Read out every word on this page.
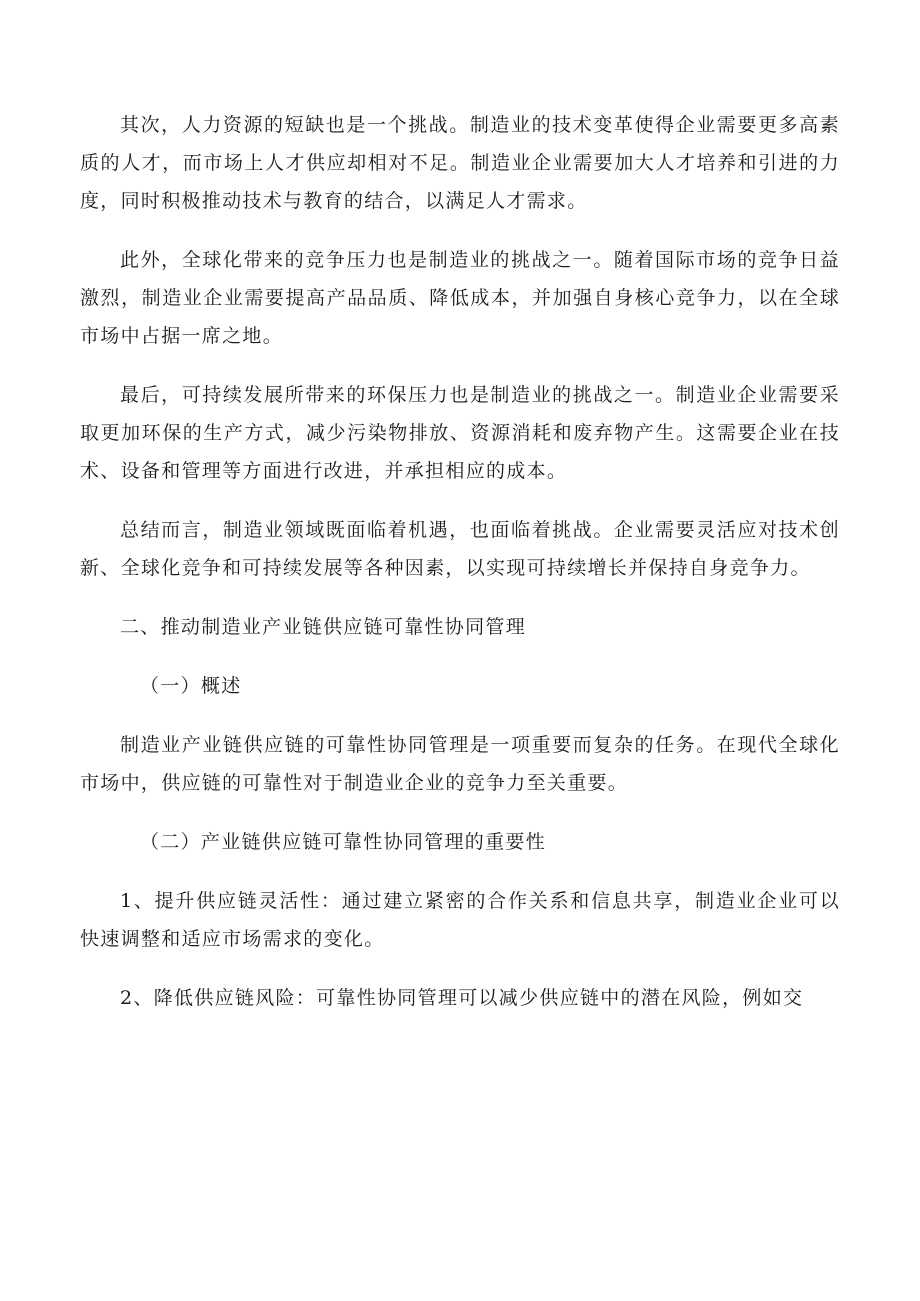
其次，人力资源的短缺也是一个挑战。制造业的技术变革使得企业需要更多高素质的人才，而市场上人才供应却相对不足。制造业企业需要加大人才培养和引进的力度，同时积极推动技术与教育的结合，以满足人才需求。

此外，全球化带来的竞争压力也是制造业的挑战之一。随着国际市场的竞争日益激烈，制造业企业需要提高产品品质、降低成本，并加强自身核心竞争力，以在全球市场中占据一席之地。

最后，可持续发展所带来的环保压力也是制造业的挑战之一。制造业企业需要采取更加环保的生产方式，减少污染物排放、资源消耗和废弃物产生。这需要企业在技术、设备和管理等方面进行改进，并承担相应的成本。

总结而言，制造业领域既面临着机遇，也面临着挑战。企业需要灵活应对技术创新、全球化竞争和可持续发展等各种因素，以实现可持续增长并保持自身竞争力。

二、推动制造业产业链供应链可靠性协同管理
（一）概述

制造业产业链供应链的可靠性协同管理是一项重要而复杂的任务。在现代全球化市场中，供应链的可靠性对于制造业企业的竞争力至关重要。

（二）产业链供应链可靠性协同管理的重要性

1、提升供应链灵活性：通过建立紧密的合作关系和信息共享，制造业企业可以快速调整和适应市场需求的变化。

2、降低供应链风险：可靠性协同管理可以减少供应链中的潜在风险，例如交
